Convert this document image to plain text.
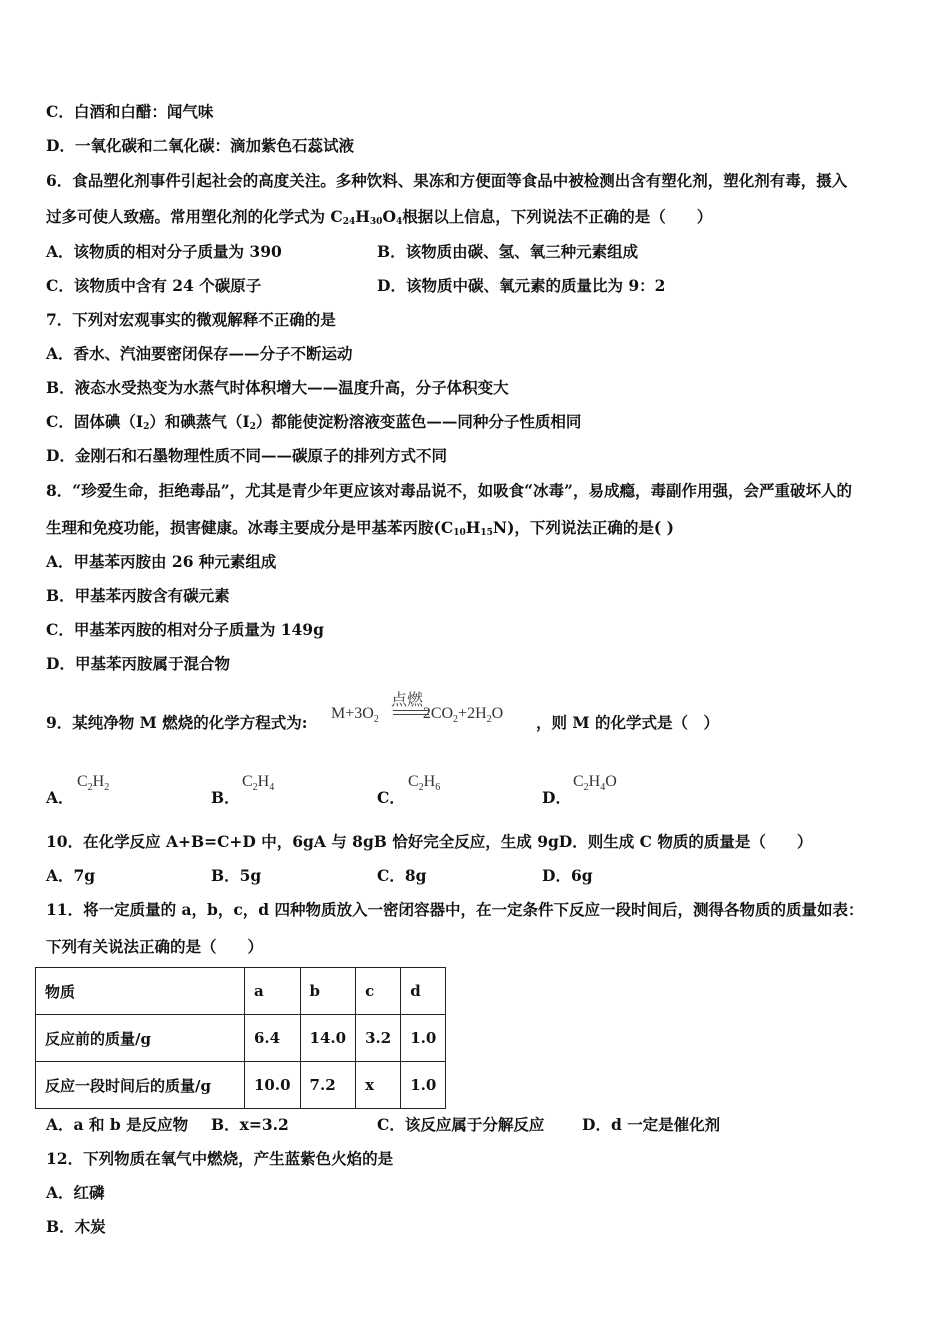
C．白酒和白醋：闻气味
D．一氧化碳和二氧化碳：滴加紫色石蕊试液
6．食品塑化剂事件引起社会的高度关注。多种饮料、果冻和方便面等食品中被检测出含有塑化剂，塑化剂有毒，摄入
过多可使人致癌。常用塑化剂的化学式为 $C_{24}H_{30}O_4$根据以上信息，下列说法不正确的是（　　）
A．该物质的相对分子质量为 390	B．该物质由碳、氢、氧三种元素组成
C．该物质中含有 24 个碳原子	D．该物质中碳、氧元素的质量比为 9：2
7．下列对宏观事实的微观解释不正确的是
A．香水、汽油要密闭保存——分子不断运动
B．液态水受热变为水蒸气时体积增大——温度升高，分子体积变大
C．固体碘$(I_2)$和碘蒸气$(I_2)$都能使淀粉溶液变蓝色——同种分子性质相同
D．金刚石和石墨物理性质不同——碳原子的排列方式不同
8．“珍爱生命，拒绝毒品”，尤其是青少年更应该对毒品说不，如吸食“冰毒”，易成瘾，毒副作用强，会严重破坏人的
生理和免疫功能，损害健康。冰毒主要成分是甲基苯丙胺$(C_{10}H_{15}N)$，下列说法正确的是( )
A．甲基苯丙胺由 26 种元素组成
B．甲基苯丙胺含有碳元素
C．甲基苯丙胺的相对分子质量为 149g
D．甲基苯丙胺属于混合物
9．某纯净物 M 燃烧的化学方程式为:
点燃
$M+3O_2$	$2CO_2+2H_2O$ ，则 M 的化学式是（　）
A．
$C_2H_2$
B．
$C_2H_4$
C．
$C_2H_6$
D．
$C_2H_4O$
10．在化学反应 A+B=C+D 中，6gA 与 8gB 恰好完全反应，生成 9gD．则生成 C 物质的质量是（　　）
A．7g	B．5g	C．8g	D．6g
11．将一定质量的 a，b，c，d 四种物质放入一密闭容器中，在一定条件下反应一段时间后，测得各物质的质量如表：
下列有关说法正确的是（　　）
物质	a	b	c	d
反应前的质量/g	6.4	14.0	3.2	1.0
反应一段时间后的质量/g	10.0	7.2	x	1.0
A．a 和 b 是反应物 B．x=3.2	C．该反应属于分解反应 D．d 一定是催化剂
12．下列物质在氧气中燃烧，产生蓝紫色火焰的是
A．红磷
B．木炭
